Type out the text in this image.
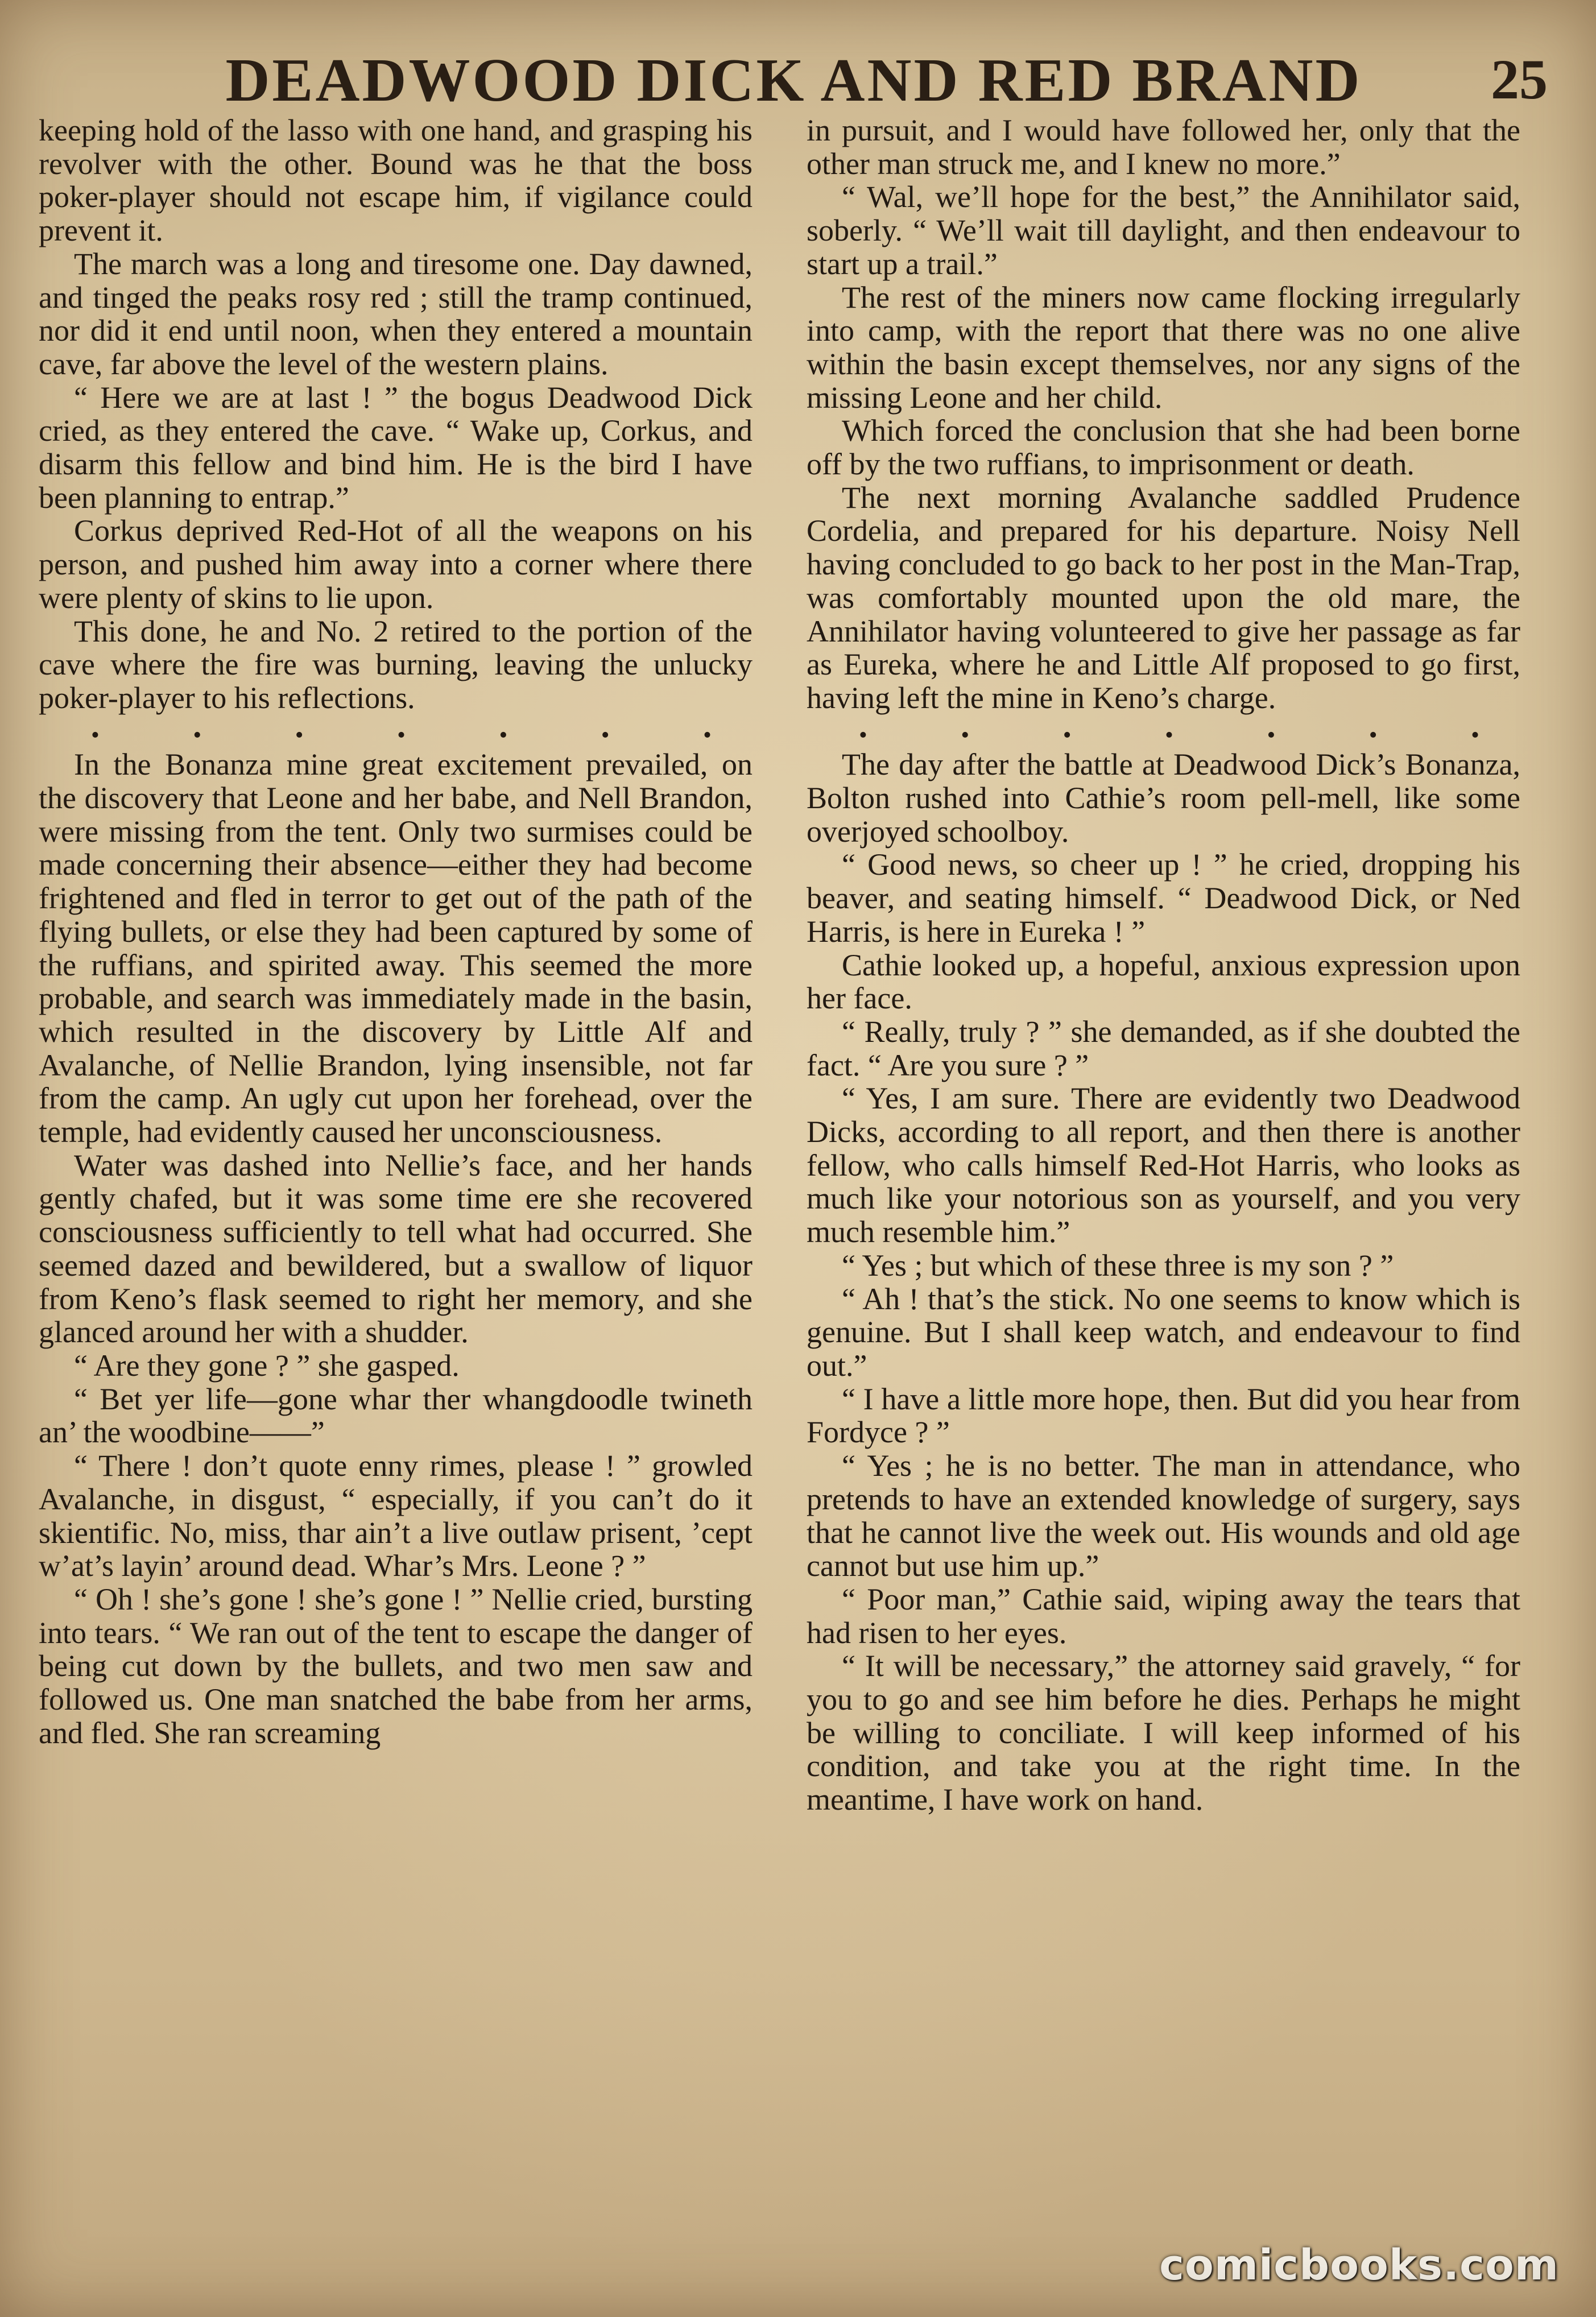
DEADWOOD DICK AND RED BRAND	25

keeping hold of the lasso with one hand, and grasping his revolver with the other. Bound was he that the boss poker-player should not escape him, if vigilance could prevent it.

The march was a long and tiresome one. Day dawned, and tinged the peaks rosy red ; still the tramp continued, nor did it end until noon, when they entered a mountain cave, far above the level of the western plains.

“ Here we are at last ! ” the bogus Deadwood Dick cried, as they entered the cave. “ Wake up, Corkus, and disarm this fellow and bind him. He is the bird I have been planning to entrap.”

Corkus deprived Red-Hot of all the weapons on his person, and pushed him away into a corner where there were plenty of skins to lie upon.

This done, he and No. 2 retired to the portion of the cave where the fire was burning, leaving the unlucky poker-player to his reflections.

.	.	.	.	.	.	.

In the Bonanza mine great excitement prevailed, on the discovery that Leone and her babe, and Nell Brandon, were missing from the tent. Only two surmises could be made concerning their absence—either they had become frightened and fled in terror to get out of the path of the flying bullets, or else they had been captured by some of the ruffians, and spirited away. This seemed the more probable, and search was immediately made in the basin, which resulted in the discovery by Little Alf and Avalanche, of Nellie Brandon, lying insensible, not far from the camp. An ugly cut upon her forehead, over the temple, had evidently caused her unconsciousness.

Water was dashed into Nellie’s face, and her hands gently chafed, but it was some time ere she recovered consciousness sufficiently to tell what had occurred. She seemed dazed and bewildered, but a swallow of liquor from Keno’s flask seemed to right her memory, and she glanced around her with a shudder.

“ Are they gone ? ” she gasped.

“ Bet yer life—gone whar ther whangdoodle twineth an’ the woodbine——”

“ There ! don’t quote enny rimes, please ! ” growled Avalanche, in disgust, “ especially, if you can’t do it skientific. No, miss, thar ain’t a live outlaw prisent, ’cept w’at’s layin’ around dead. Whar’s Mrs. Leone ? ”

“ Oh ! she’s gone ! she’s gone ! ” Nellie cried, bursting into tears. “ We ran out of the tent to escape the danger of being cut down by the bullets, and two men saw and followed us. One man snatched the babe from her arms, and fled. She ran screaming

in pursuit, and I would have followed her, only that the other man struck me, and I knew no more.”

“ Wal, we’ll hope for the best,” the Annihilator said, soberly. “ We’ll wait till daylight, and then endeavour to start up a trail.”

The rest of the miners now came flocking irregularly into camp, with the report that there was no one alive within the basin except themselves, nor any signs of the missing Leone and her child.

Which forced the conclusion that she had been borne off by the two ruffians, to imprisonment or death.

The next morning Avalanche saddled Prudence Cordelia, and prepared for his departure. Noisy Nell having concluded to go back to her post in the Man-Trap, was comfortably mounted upon the old mare, the Annihilator having volunteered to give her passage as far as Eureka, where he and Little Alf proposed to go first, having left the mine in Keno’s charge.

.	.	.	.	.	.	.

The day after the battle at Deadwood Dick’s Bonanza, Bolton rushed into Cathie’s room pell-mell, like some overjoyed schoolboy.

“ Good news, so cheer up ! ” he cried, dropping his beaver, and seating himself. “ Deadwood Dick, or Ned Harris, is here in Eureka ! ”

Cathie looked up, a hopeful, anxious expression upon her face.

“ Really, truly ? ” she demanded, as if she doubted the fact. “ Are you sure ? ”

“ Yes, I am sure. There are evidently two Deadwood Dicks, according to all report, and then there is another fellow, who calls himself Red-Hot Harris, who looks as much like your notorious son as yourself, and you very much resemble him.”

“ Yes ; but which of these three is my son ? ”

“ Ah ! that’s the stick. No one seems to know which is genuine. But I shall keep watch, and endeavour to find out.”

“ I have a little more hope, then. But did you hear from Fordyce ? ”

“ Yes ; he is no better. The man in attendance, who pretends to have an extended knowledge of surgery, says that he cannot live the week out. His wounds and old age cannot but use him up.”

“ Poor man,” Cathie said, wiping away the tears that had risen to her eyes.

“ It will be necessary,” the attorney said gravely, “ for you to go and see him before he dies. Perhaps he might be willing to conciliate. I will keep informed of his condition, and take you at the right time. In the meantime, I have work on hand.

comicbooks.com
